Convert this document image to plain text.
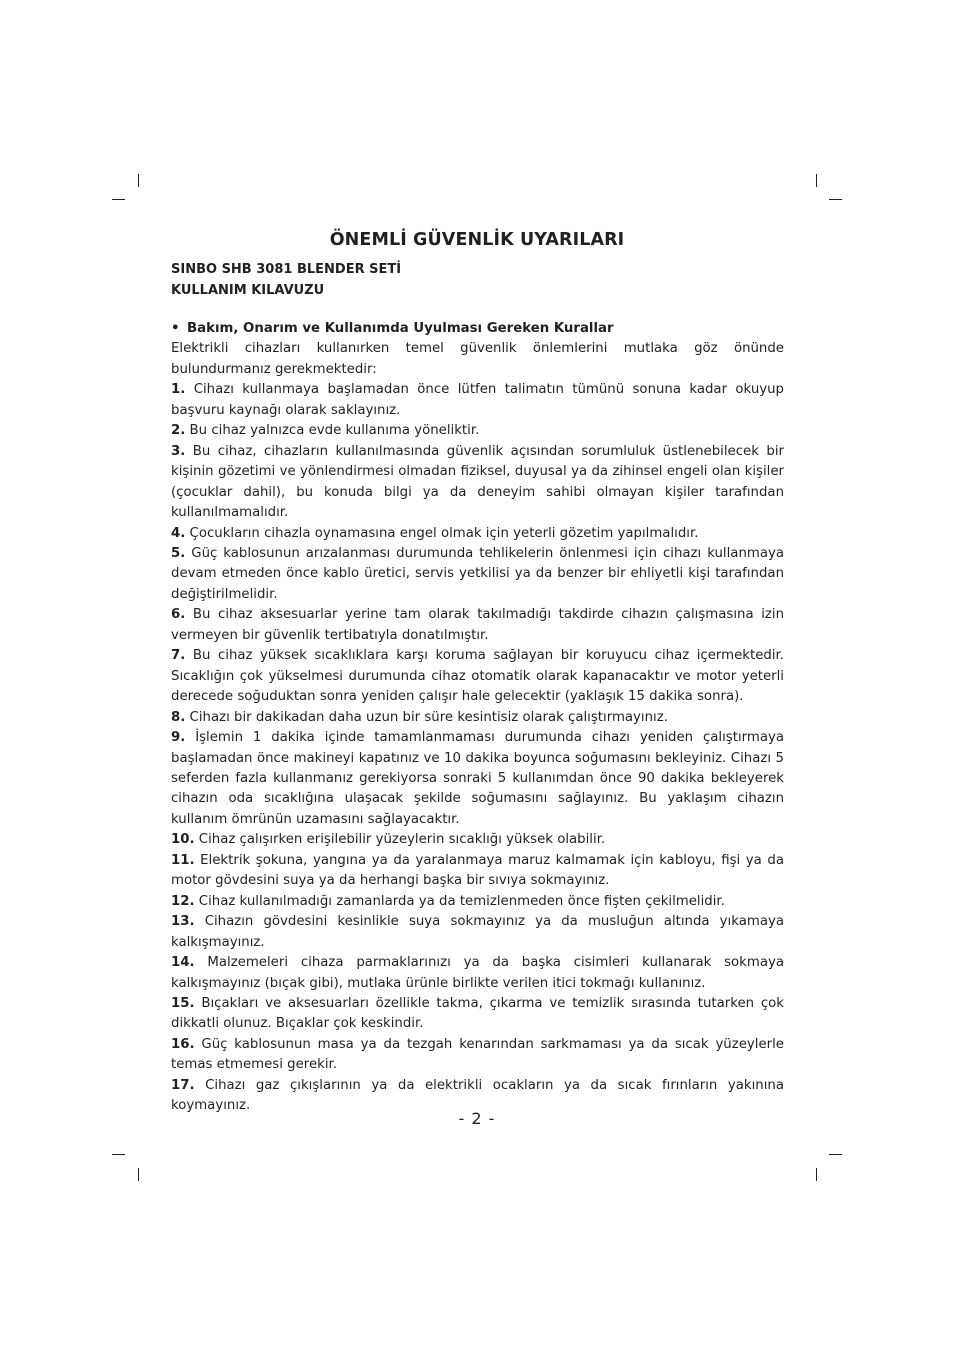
ÖNEMLİ GÜVENLİK UYARILARI
SINBO SHB 3081 BLENDER SETİ
KULLANIM KILAVUZU

• Bakım, Onarım ve Kullanımda Uyulması Gereken Kurallar

Elektrikli cihazları kullanırken temel güvenlik önlemlerini mutlaka göz önünde bulundurmanız gerekmektedir:

1. Cihazı kullanmaya başlamadan önce lütfen talimatın tümünü sonuna kadar okuyup başvuru kaynağı olarak saklayınız.

2. Bu cihaz yalnızca evde kullanıma yöneliktir.

3. Bu cihaz, cihazların kullanılmasında güvenlik açısından sorumluluk üstlenebilecek bir kişinin gözetimi ve yönlendirmesi olmadan fiziksel, duyusal ya da zihinsel engeli olan kişiler (çocuklar dahil), bu konuda bilgi ya da deneyim sahibi olmayan kişiler tarafından kullanılmamalıdır.

4. Çocukların cihazla oynamasına engel olmak için yeterli gözetim yapılmalıdır.

5. Güç kablosunun arızalanması durumunda tehlikelerin önlenmesi için cihazı kullanmaya devam etmeden önce kablo üretici, servis yetkilisi ya da benzer bir ehliyetli kişi tarafından değiştirilmelidir.

6. Bu cihaz aksesuarlar yerine tam olarak takılmadığı takdirde cihazın çalışmasına izin vermeyen bir güvenlik tertibatıyla donatılmıştır.

7. Bu cihaz yüksek sıcaklıklara karşı koruma sağlayan bir koruyucu cihaz içermektedir. Sıcaklığın çok yükselmesi durumunda cihaz otomatik olarak kapanacaktır ve motor yeterli derecede soğuduktan sonra yeniden çalışır hale gelecektir (yaklaşık 15 dakika sonra).

8. Cihazı bir dakikadan daha uzun bir süre kesintisiz olarak çalıştırmayınız.

9. İşlemin 1 dakika içinde tamamlanmaması durumunda cihazı yeniden çalıştırmaya başlamadan önce makineyi kapatınız ve 10 dakika boyunca soğumasını bekleyiniz. Cihazı 5 seferden fazla kullanmanız gerekiyorsa sonraki 5 kullanımdan önce 90 dakika bekleyerek cihazın oda sıcaklığına ulaşacak şekilde soğumasını sağlayınız. Bu yaklaşım cihazın kullanım ömrünün uzamasını sağlayacaktır.

10. Cihaz çalışırken erişilebilir yüzeylerin sıcaklığı yüksek olabilir.

11. Elektrik şokuna, yangına ya da yaralanmaya maruz kalmamak için kabloyu, fişi ya da motor gövdesini suya ya da herhangi başka bir sıvıya sokmayınız.

12. Cihaz kullanılmadığı zamanlarda ya da temizlenmeden önce fişten çekilmelidir.

13. Cihazın gövdesini kesinlikle suya sokmayınız ya da musluğun altında yıkamaya kalkışmayınız.

14. Malzemeleri cihaza parmaklarınızı ya da başka cisimleri kullanarak sokmaya kalkışmayınız (bıçak gibi), mutlaka ürünle birlikte verilen itici tokmağı kullanınız.

15. Bıçakları ve aksesuarları özellikle takma, çıkarma ve temizlik sırasında tutarken çok dikkatli olunuz. Bıçaklar çok keskindir.

16. Güç kablosunun masa ya da tezgah kenarından sarkmaması ya da sıcak yüzeylerle temas etmemesi gerekir.

17. Cihazı gaz çıkışlarının ya da elektrikli ocakların ya da sıcak fırınların yakınına koymayınız.

- 2 -
